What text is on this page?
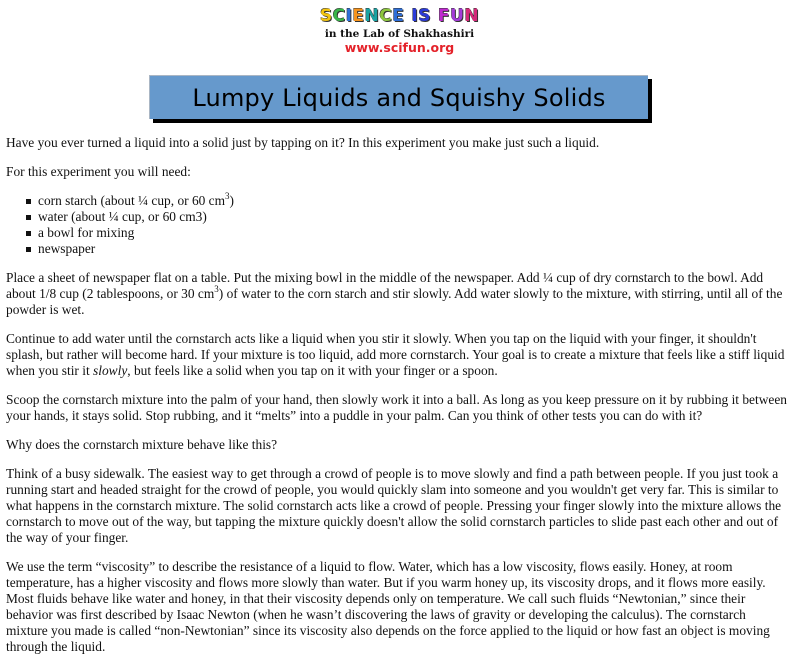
SCIENCE IS FUN
in the Lab of Shakhashiri
www.scifun.org
Lumpy Liquids and Squishy Solids

Have you ever turned a liquid into a solid just by tapping on it? In this experiment you make just such a liquid.

For this experiment you will need:

corn starch (about ¼ cup, or 60 $cm^3$)
water (about ¼ cup, or 60 cm3)
a bowl for mixing
newspaper

Place a sheet of newspaper flat on a table. Put the mixing bowl in the middle of the newspaper. Add ¼ cup of dry cornstarch to the bowl. Add about 1/8 cup (2 tablespoons, or 30 $cm^3$) of water to the corn starch and stir slowly. Add water slowly to the mixture, with stirring, until all of the powder is wet.

Continue to add water until the cornstarch acts like a liquid when you stir it slowly. When you tap on the liquid with your finger, it shouldn't splash, but rather will become hard. If your mixture is too liquid, add more cornstarch. Your goal is to create a mixture that feels like a stiff liquid when you stir it slowly, but feels like a solid when you tap on it with your finger or a spoon.

Scoop the cornstarch mixture into the palm of your hand, then slowly work it into a ball. As long as you keep pressure on it by rubbing it between your hands, it stays solid. Stop rubbing, and it “melts” into a puddle in your palm. Can you think of other tests you can do with it?

Why does the cornstarch mixture behave like this?

Think of a busy sidewalk. The easiest way to get through a crowd of people is to move slowly and find a path between people. If you just took a running start and headed straight for the crowd of people, you would quickly slam into someone and you wouldn't get very far. This is similar to what happens in the cornstarch mixture. The solid cornstarch acts like a crowd of people. Pressing your finger slowly into the mixture allows the cornstarch to move out of the way, but tapping the mixture quickly doesn't allow the solid cornstarch particles to slide past each other and out of the way of your finger.

We use the term “viscosity” to describe the resistance of a liquid to flow. Water, which has a low viscosity, flows easily. Honey, at room temperature, has a higher viscosity and flows more slowly than water. But if you warm honey up, its viscosity drops, and it flows more easily. Most fluids behave like water and honey, in that their viscosity depends only on temperature. We call such fluids “Newtonian,” since their behavior was first described by Isaac Newton (when he wasn’t discovering the laws of gravity or developing the calculus). The cornstarch mixture you made is called “non-Newtonian” since its viscosity also depends on the force applied to the liquid or how fast an object is moving through the liquid.
